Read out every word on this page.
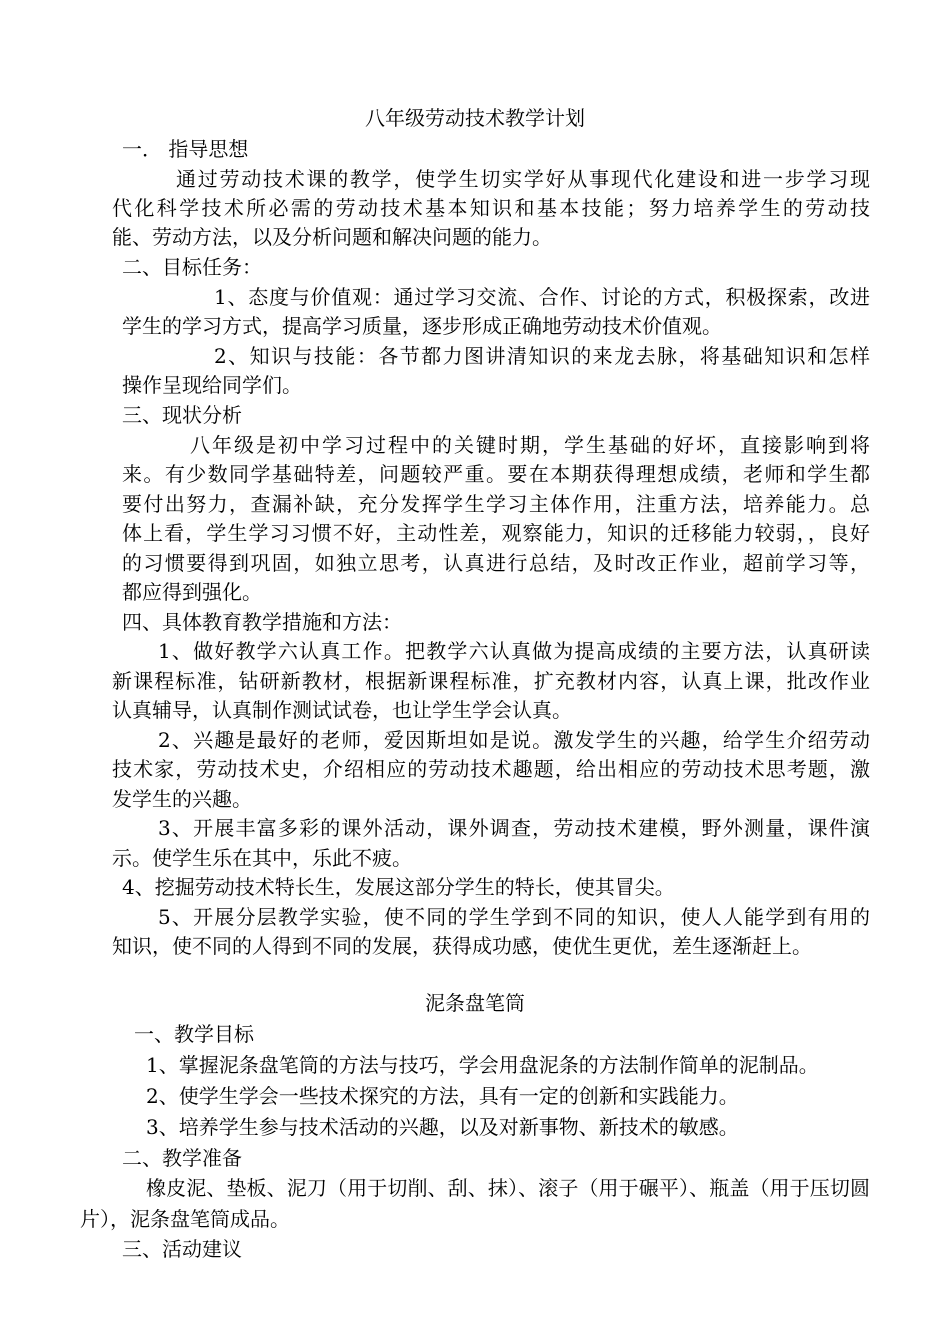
八年级劳动技术教学计划
一． 指导思想
通过劳动技术课的教学，使学生切实学好从事现代化建设和进一步学习现
代化科学技术所必需的劳动技术基本知识和基本技能；努力培养学生的劳动技
能、劳动方法，以及分析问题和解决问题的能力。
二、目标任务：
1、态度与价值观：通过学习交流、合作、讨论的方式，积极探索，改进
学生的学习方式，提高学习质量，逐步形成正确地劳动技术价值观。
2、知识与技能：各节都力图讲清知识的来龙去脉，将基础知识和怎样
操作呈现给同学们。
三、现状分析
八年级是初中学习过程中的关键时期，学生基础的好坏，直接影响到将
来。有少数同学基础特差，问题较严重。要在本期获得理想成绩，老师和学生都
要付出努力，查漏补缺，充分发挥学生学习主体作用，注重方法，培养能力。总
体上看，学生学习习惯不好，主动性差，观察能力，知识的迁移能力较弱，，良好
的习惯要得到巩固，如独立思考，认真进行总结，及时改正作业，超前学习等，
都应得到强化。
四、具体教育教学措施和方法：
1、做好教学六认真工作。把教学六认真做为提高成绩的主要方法，认真研读
新课程标准，钻研新教材，根据新课程标准，扩充教材内容，认真上课，批改作业
认真辅导，认真制作测试试卷，也让学生学会认真。
2、兴趣是最好的老师，爱因斯坦如是说。激发学生的兴趣，给学生介绍劳动
技术家，劳动技术史，介绍相应的劳动技术趣题，给出相应的劳动技术思考题，激
发学生的兴趣。
3、开展丰富多彩的课外活动，课外调查，劳动技术建模，野外测量，课件演
示。使学生乐在其中，乐此不疲。
4、挖掘劳动技术特长生，发展这部分学生的特长，使其冒尖。
5、开展分层教学实验，使不同的学生学到不同的知识，使人人能学到有用的
知识，使不同的人得到不同的发展，获得成功感，使优生更优，差生逐渐赶上。
泥条盘笔筒
一、教学目标
1、掌握泥条盘笔筒的方法与技巧，学会用盘泥条的方法制作简单的泥制品。
2、使学生学会一些技术探究的方法，具有一定的创新和实践能力。
3、培养学生参与技术活动的兴趣，以及对新事物、新技术的敏感。
二、教学准备
橡皮泥、垫板、泥刀（用于切削、刮、抹）、滚子（用于碾平）、瓶盖（用于压切圆
片），泥条盘笔筒成品。
三、活动建议
